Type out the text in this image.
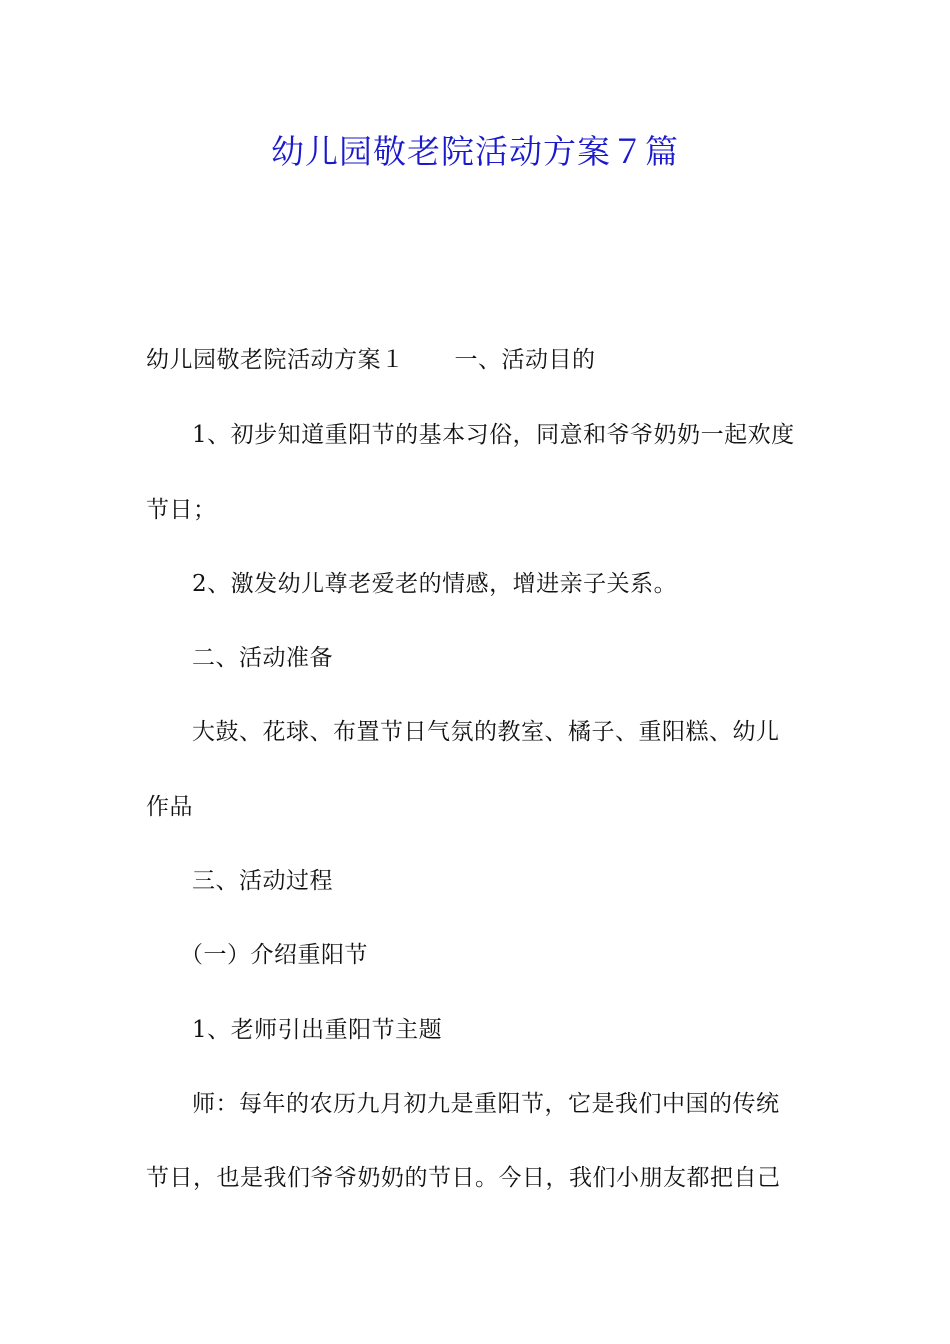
幼儿园敬老院活动方案７篇
幼儿园敬老院活动方案１ 一、活动目的
1、初步知道重阳节的基本习俗，同意和爷爷奶奶一起欢度
节日；
2、激发幼儿尊老爱老的情感，增进亲子关系。
二、活动准备
大鼓、花球、布置节日气氛的教室、橘子、重阳糕、幼儿
作品
三、活动过程
（一）介绍重阳节
1、老师引出重阳节主题
师：每年的农历九月初九是重阳节，它是我们中国的传统
节日，也是我们爷爷奶奶的节日。今日，我们小朋友都把自己
